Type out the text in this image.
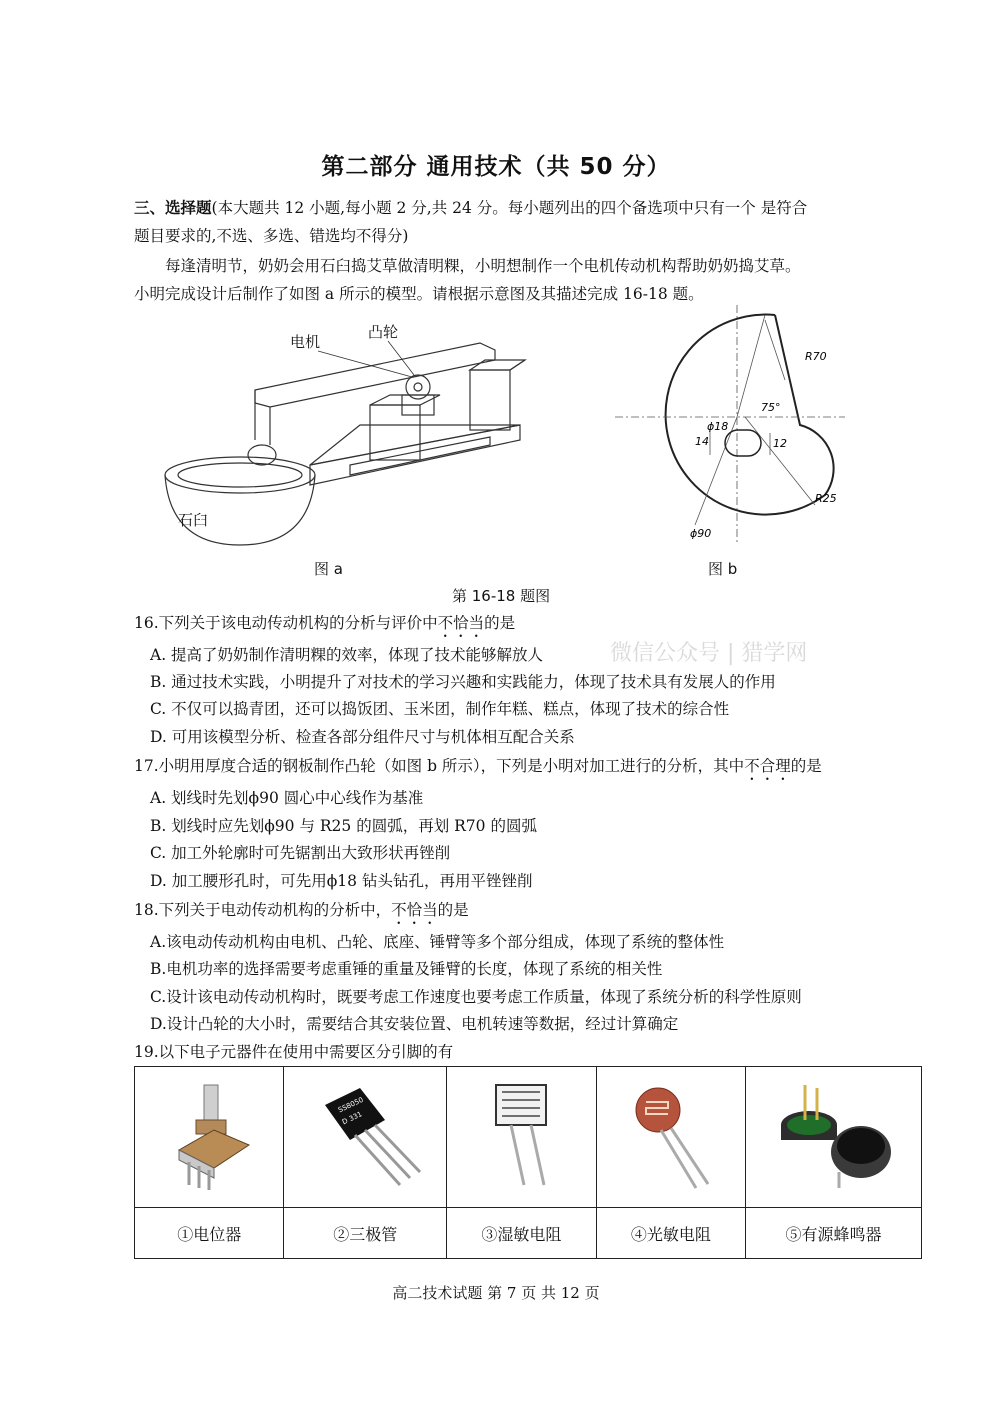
第二部分 通用技术（共 50 分）
三、选择题(本大题共 12 小题,每小题 2 分,共 24 分。每小题列出的四个备选项中只有一个 是符合
题目要求的,不选、多选、错选均不得分)
每逢清明节，奶奶会用石臼捣艾草做清明粿，小明想制作一个电机传动机构帮助奶奶捣艾草。
小明完成设计后制作了如图 a 所示的模型。请根据示意图及其描述完成 16-18 题。
电机
凸轮
石臼
图 a
R70
75°
ϕ18
14	12
R25
ϕ90
图 b
第 16-18 题图
微信公众号 | 猎学网
16.下列关于该电动传动机构的分析与评价中不恰当的是
A. 提高了奶奶制作清明粿的效率，体现了技术能够解放人
B. 通过技术实践，小明提升了对技术的学习兴趣和实践能力，体现了技术具有发展人的作用
C. 不仅可以捣青团，还可以捣饭团、玉米团，制作年糕、糕点，体现了技术的综合性
D. 可用该模型分析、检查各部分组件尺寸与机体相互配合关系
17.小明用厚度合适的钢板制作凸轮（如图 b 所示），下列是小明对加工进行的分析，其中不合理的是
A. 划线时先划ϕ90 圆心中心线作为基准
B. 划线时应先划ϕ90 与 R25 的圆弧，再划 R70 的圆弧
C. 加工外轮廓时可先锯割出大致形状再锉削
D. 加工腰形孔时，可先用ϕ18 钻头钻孔，再用平锉锉削
18.下列关于电动传动机构的分析中，不恰当的是
A.该电动传动机构由电机、凸轮、底座、锤臂等多个部分组成，体现了系统的整体性
B.电机功率的选择需要考虑重锤的重量及锤臂的长度，体现了系统的相关性
C.设计该电动传动机构时，既要考虑工作速度也要考虑工作质量，体现了系统分析的科学性原则
D.设计凸轮的大小时，需要结合其安装位置、电机转速等数据，经过计算确定
19.以下电子元器件在使用中需要区分引脚的有

SS8050
D 331

①电位器	②三极管	③湿敏电阻	④光敏电阻	⑤有源蜂鸣器
高二技术试题 第 7 页 共 12 页
